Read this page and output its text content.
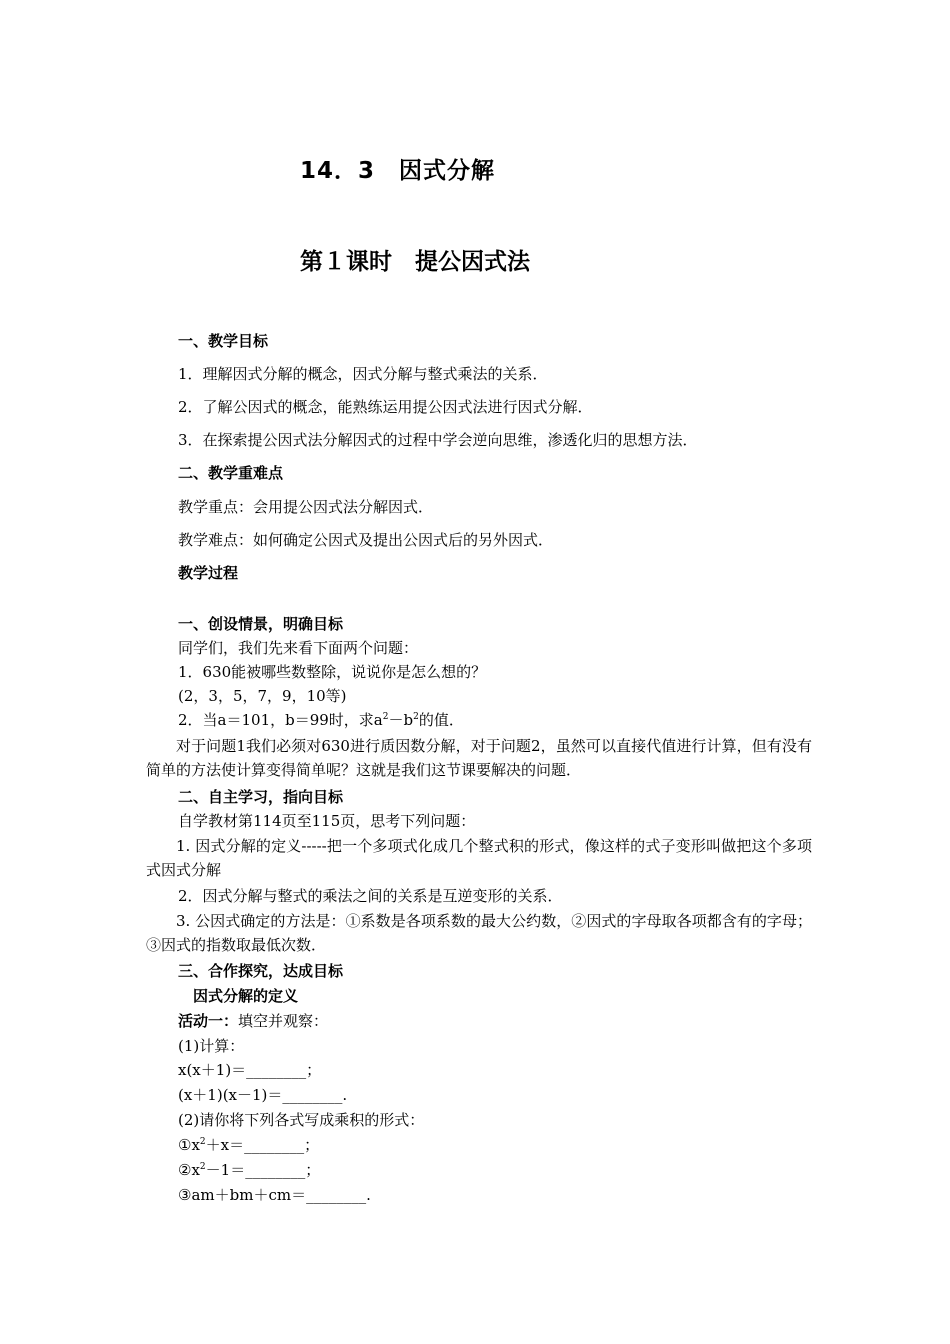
14．3　因式分解
第１课时　提公因式法
一、教学目标
1．理解因式分解的概念，因式分解与整式乘法的关系．
2．了解公因式的概念，能熟练运用提公因式法进行因式分解．
3．在探索提公因式法分解因式的过程中学会逆向思维，渗透化归的思想方法．
二、教学重难点
教学重点：会用提公因式法分解因式．
教学难点：如何确定公因式及提出公因式后的另外因式．
教学过程
一、创设情景，明确目标
同学们，我们先来看下面两个问题：
1．630能被哪些数整除，说说你是怎么想的？
(2，3，5，7，9，10等)
2．当a＝101，b＝99时，求$a^2-b^2$的值．
对于问题1我们必须对630进行质因数分解，对于问题2，虽然可以直接代值进行计算，但有没有简单的方法使计算变得简单呢？这就是我们这节课要解决的问题．
二、自主学习，指向目标
自学教材第114页至115页，思考下列问题：
1. 因式分解的定义-----把一个多项式化成几个整式积的形式，像这样的式子变形叫做把这个多项式因式分解
2．因式分解与整式的乘法之间的关系是互逆变形的关系．
3. 公因式确定的方法是：①系数是各项系数的最大公约数，②因式的字母取各项都含有的字母；③因式的指数取最低次数．
三、合作探究，达成目标
因式分解的定义
活动一：填空并观察：
(1)计算：
x(x＋1)＝________；
(x＋1)(x－1)＝________.
(2)请你将下列各式写成乘积的形式：
$①x^2+x=\_\_\_\_\_\_\_\_$；
$②x^2-1=\_\_\_\_\_\_\_\_$；
③am＋bm＋cm＝________.
